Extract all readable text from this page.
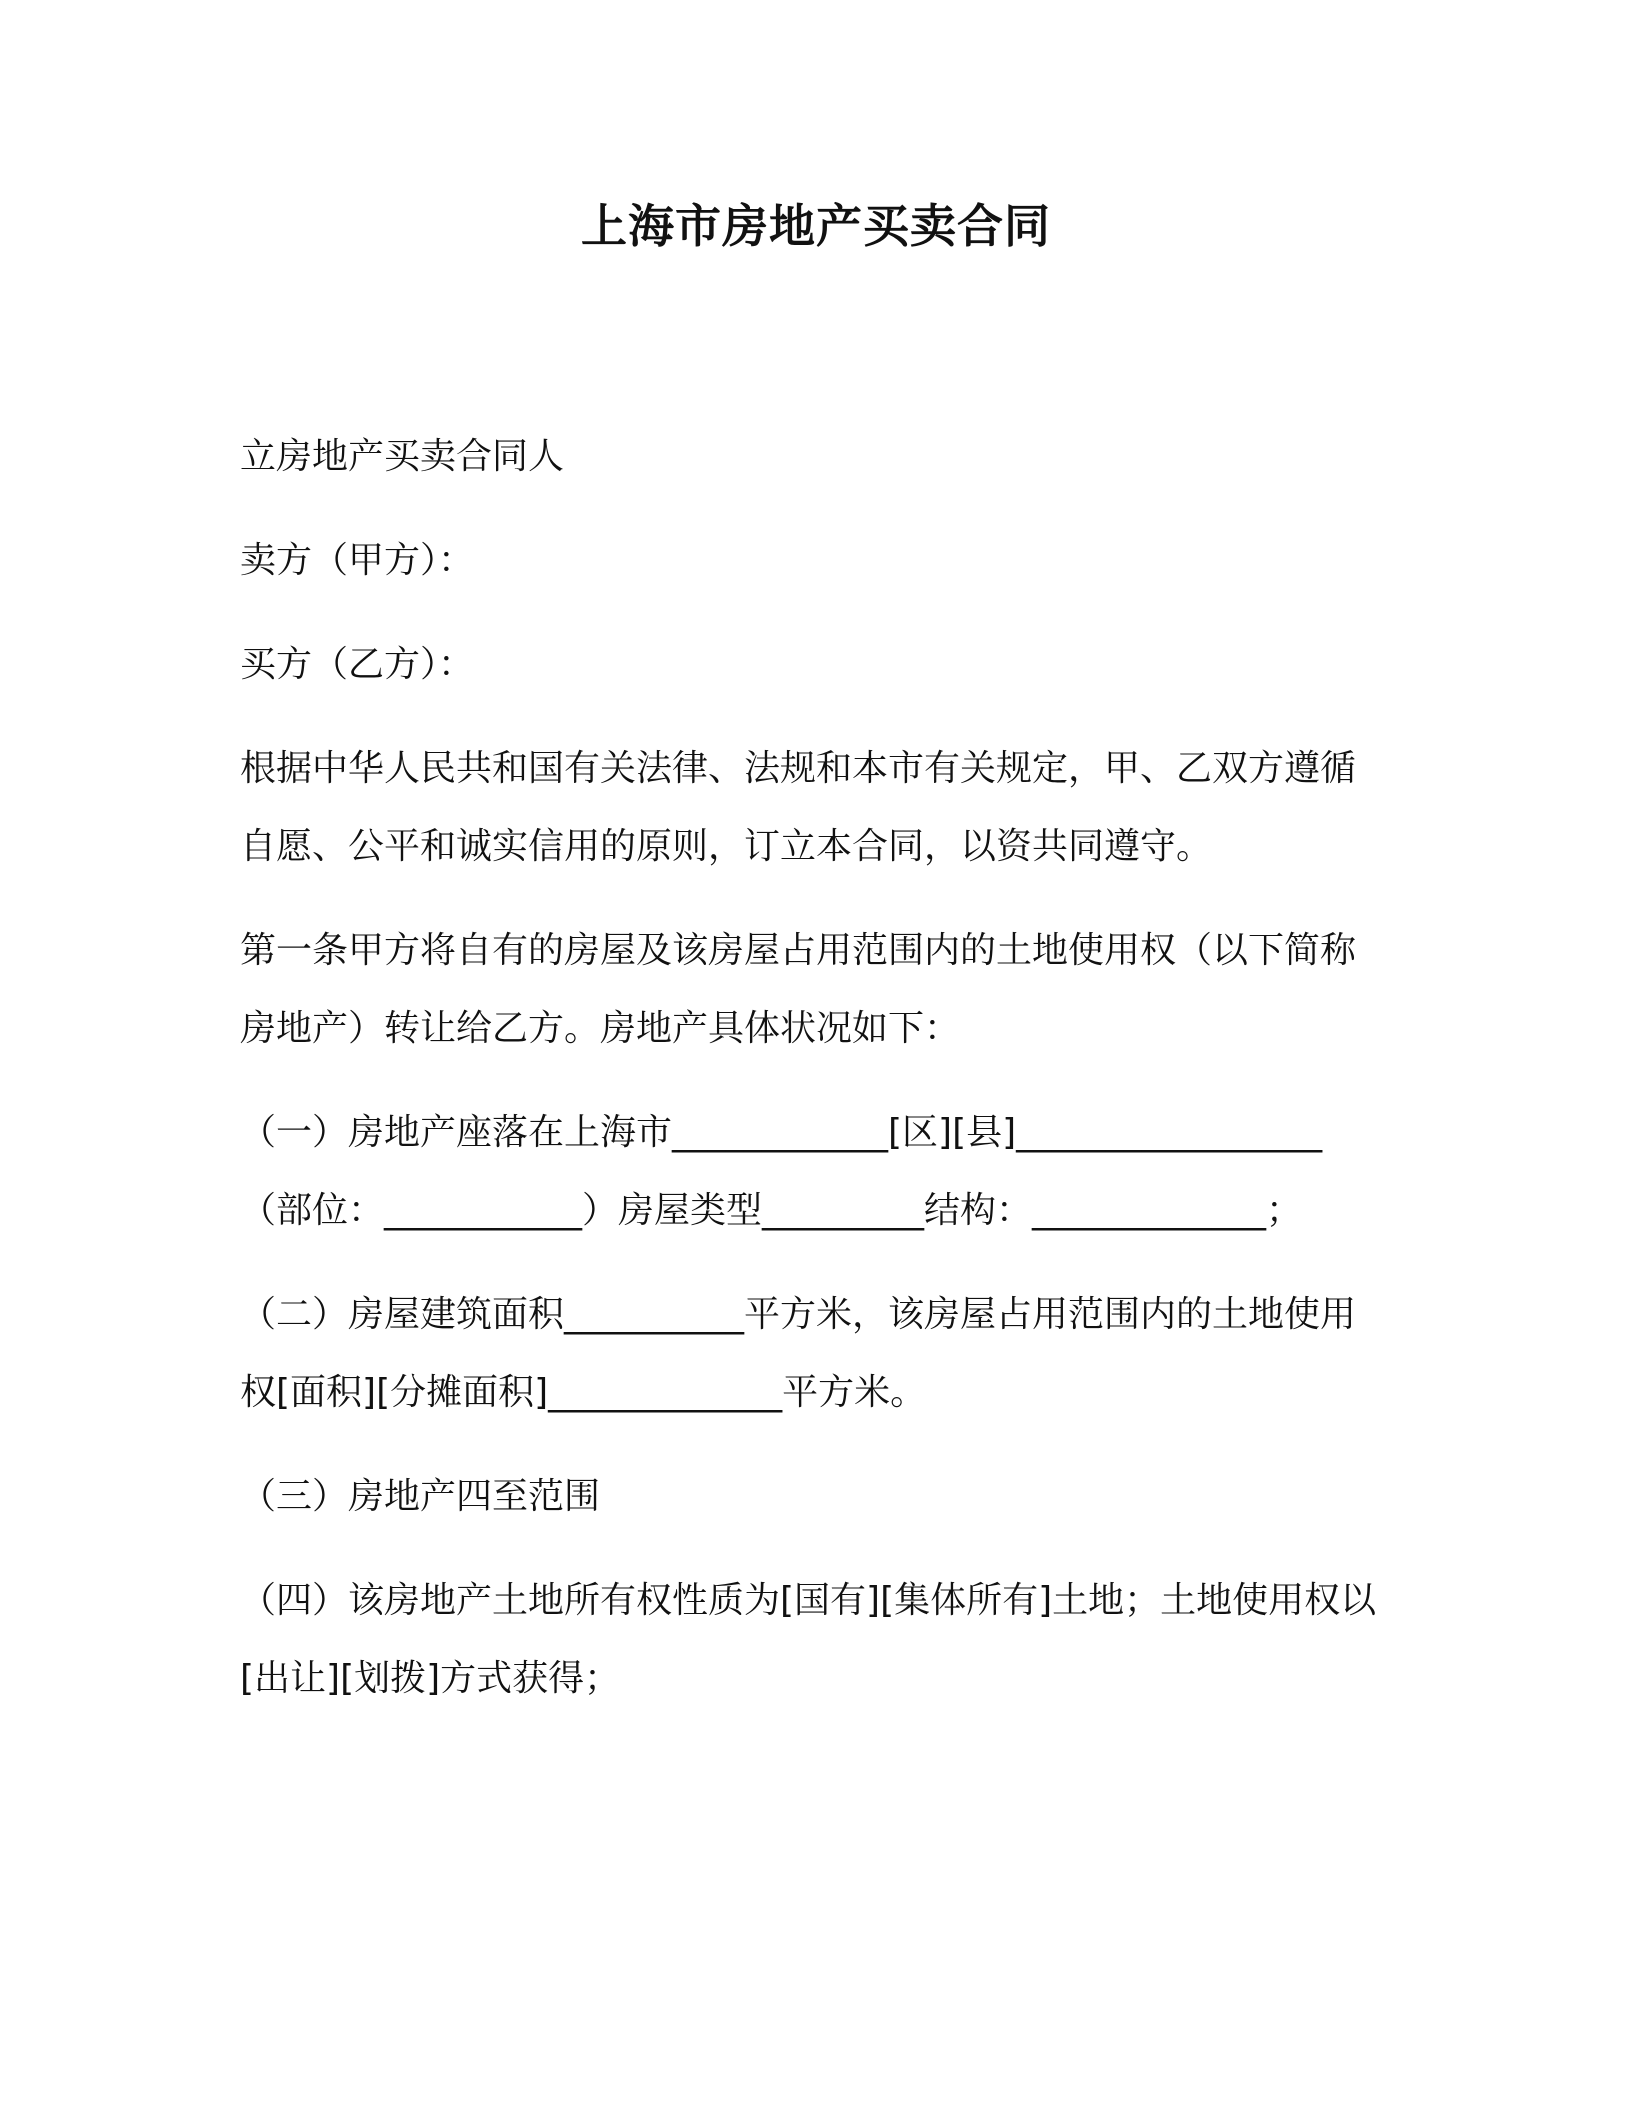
上海市房地产买卖合同

立房地产买卖合同人

卖方（甲方）：

买方（乙方）：

根据中华人民共和国有关法律、法规和本市有关规定，甲、乙双方遵循自愿、公平和诚实信用的原则，订立本合同，以资共同遵守。

第一条甲方将自有的房屋及该房屋占用范围内的土地使用权（以下简称房地产）转让给乙方。房地产具体状况如下：

（一）房地产座落在上海市____________[区][县]_________________（部位：___________）房屋类型_________结构：_____________；

（二）房屋建筑面积__________平方米，该房屋占用范围内的土地使用权[面积][分摊面积]_____________平方米。

（三）房地产四至范围

（四）该房地产土地所有权性质为[国有][集体所有]土地；土地使用权以[出让][划拨]方式获得；
